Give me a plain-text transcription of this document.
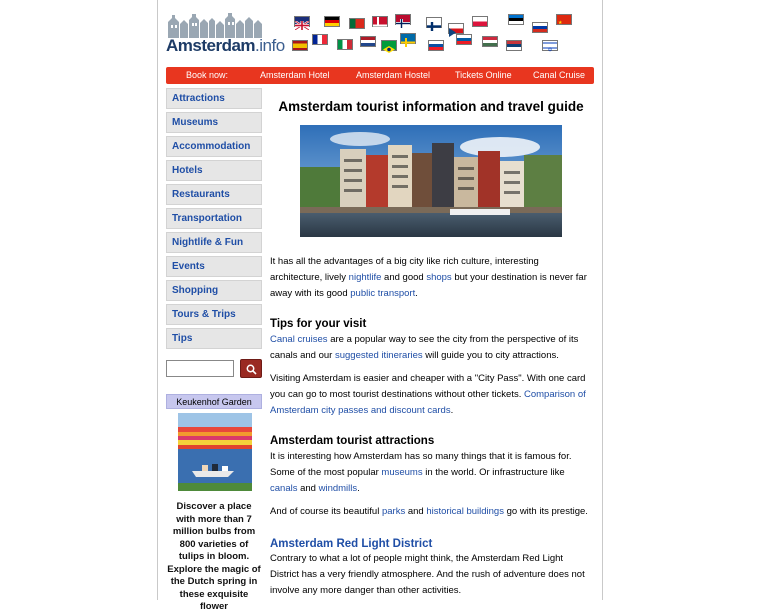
Amsterdam.info
★
✡
Book now:	Amsterdam Hotel	Amsterdam Hostel	Tickets Online Canal Cruise
Attractions
Museums
Accommodation
Hotels
Restaurants
Transportation
Nightlife & Fun
Events
Shopping
Tours & Trips
Tips
Keukenhof Garden
Discover a place with more than 7 million bulbs from 800 varieties of tulips in bloom. Explore the magic of the Dutch spring in these exquisite flower
Amsterdam tourist information and travel guide

It has all the advantages of a big city like rich culture, interesting architecture, lively nightlife and good shops but your destination is never far away with its good public transport.

Tips for your visit

Canal cruises are a popular way to see the city from the perspective of its canals and our suggested itineraries will guide you to city attractions.

Visiting Amsterdam is easier and cheaper with a "City Pass". With one card you can go to most tourist destinations without other tickets. Comparison of Amsterdam city passes and discount cards.

Amsterdam tourist attractions

It is interesting how Amsterdam has so many things that it is famous for. Some of the most popular museums in the world. Or infrastructure like canals and windmills.

And of course its beautiful parks and historical buildings go with its prestige.

Amsterdam Red Light District

Contrary to what a lot of people might think, the Amsterdam Red Light District has a very friendly atmosphere. And the rush of adventure does not involve any more danger than other activities.
